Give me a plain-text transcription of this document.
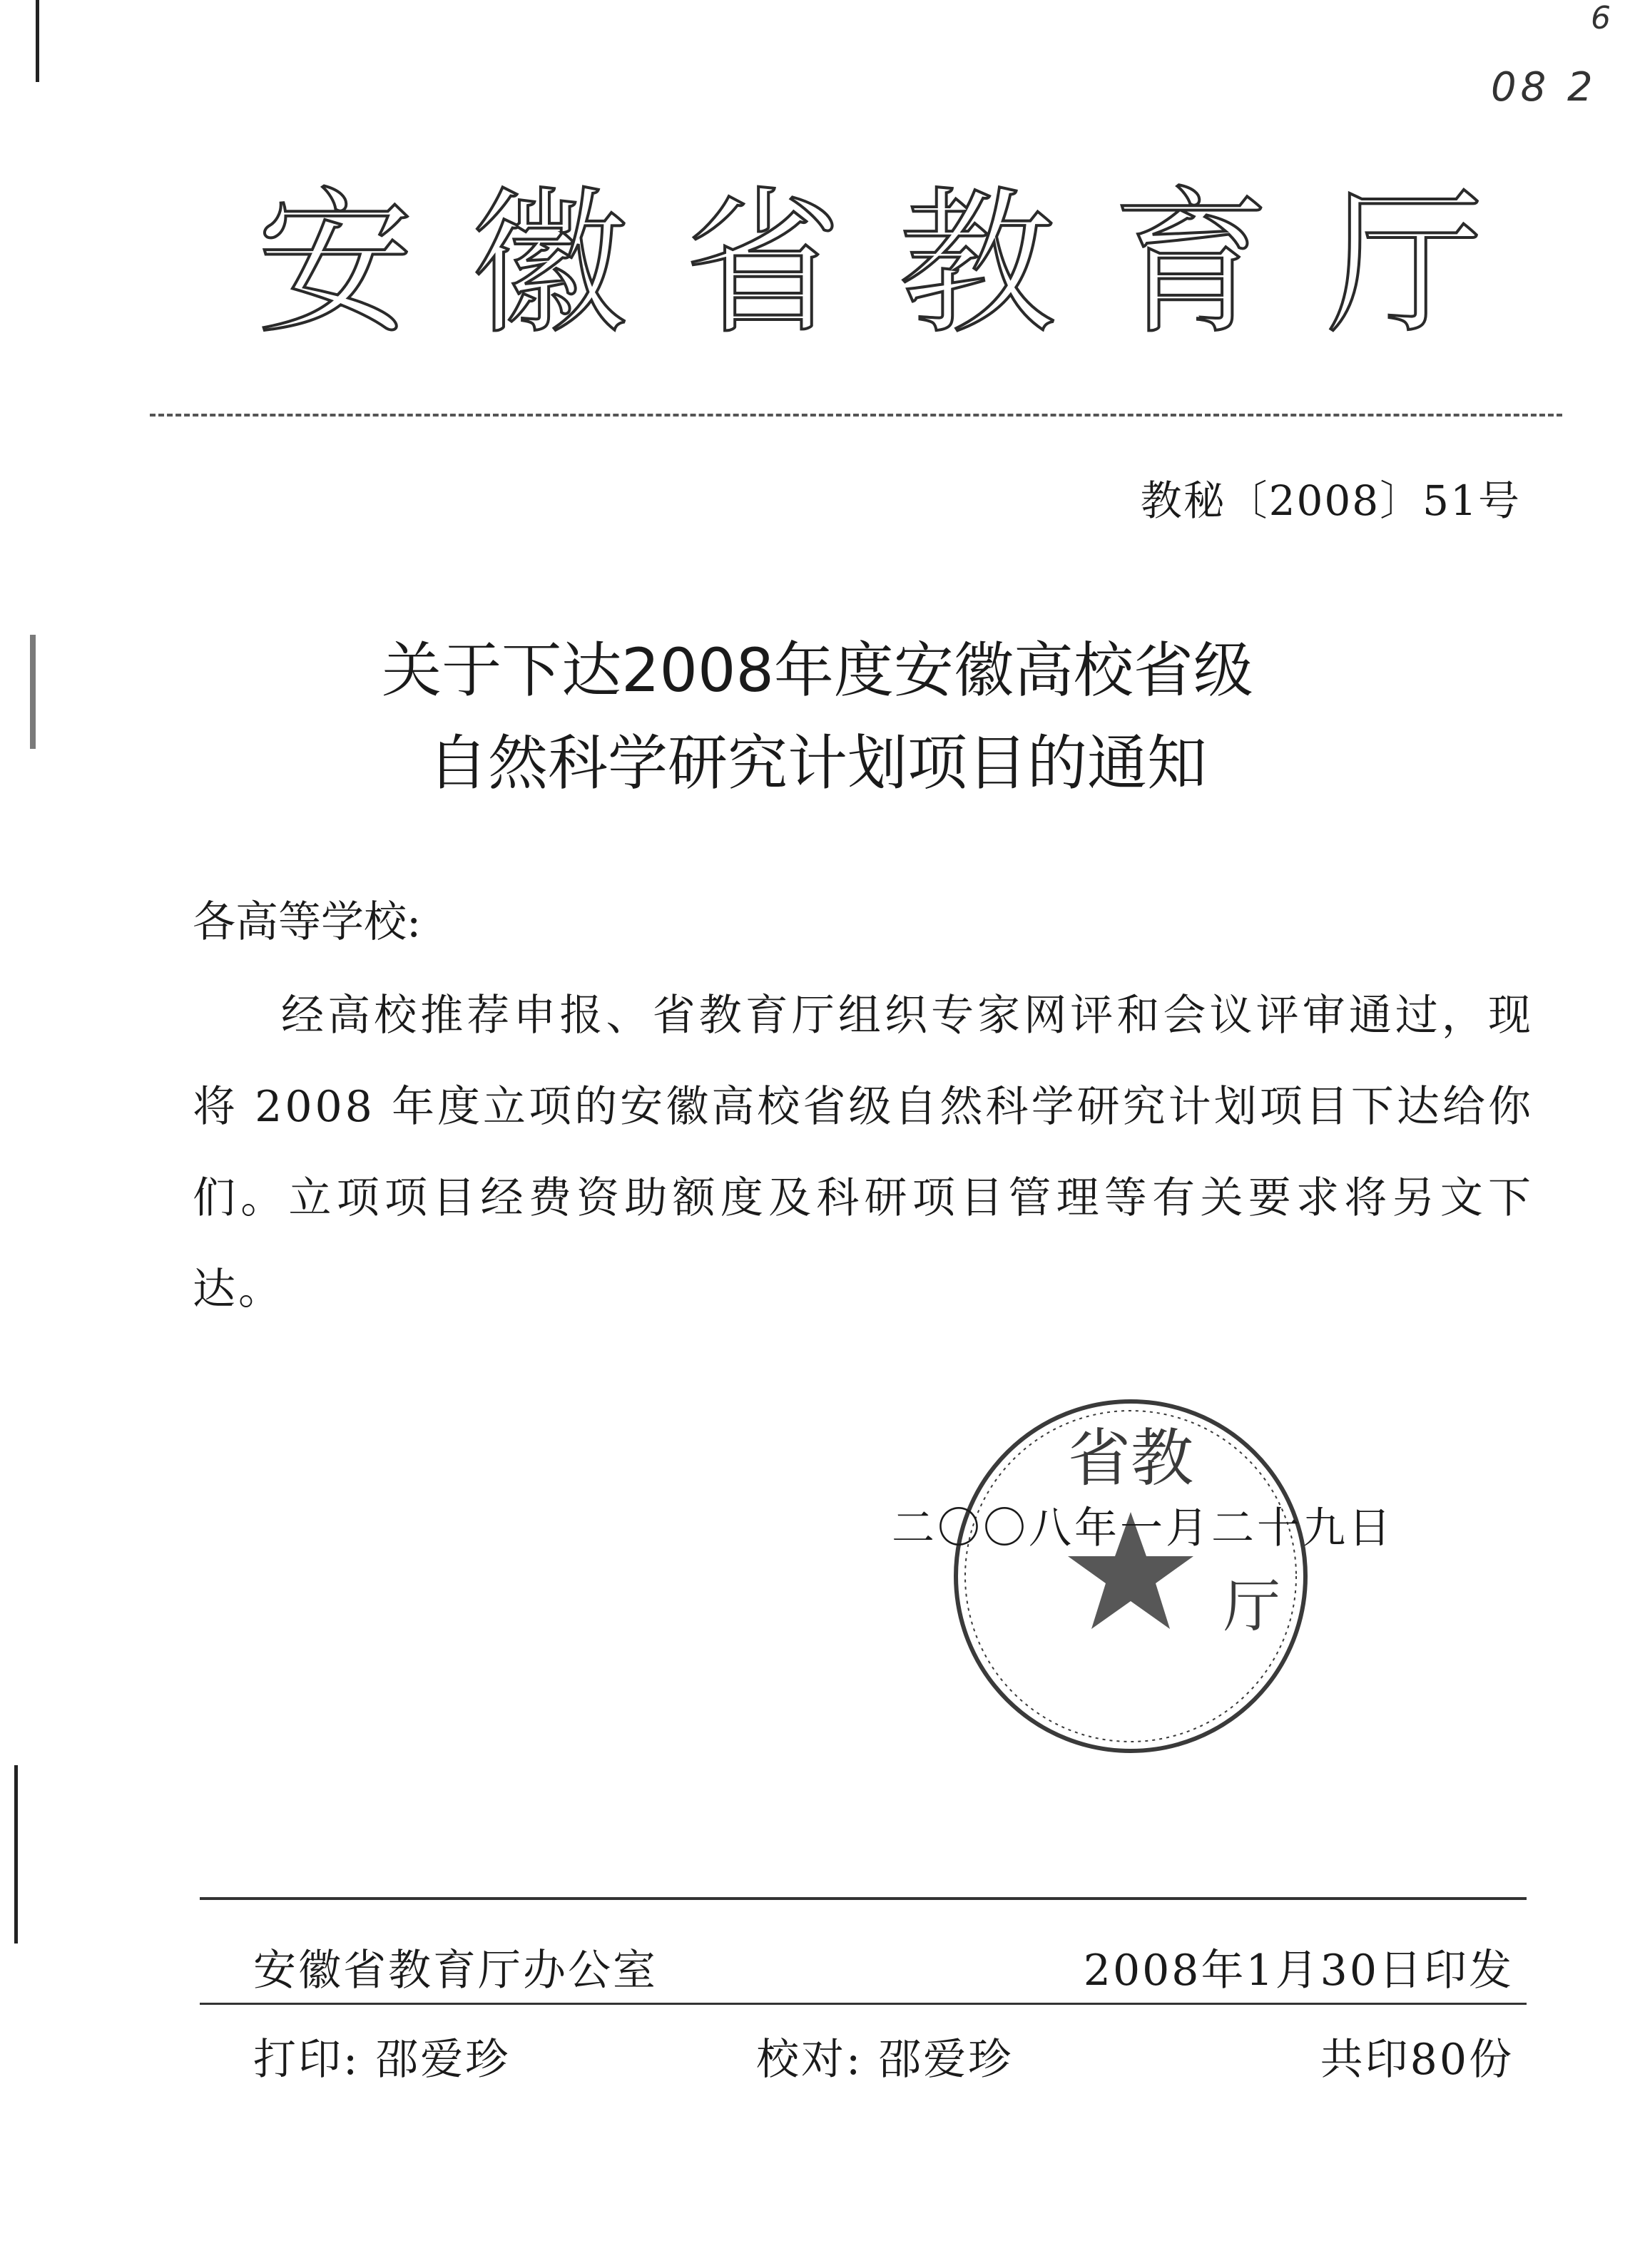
08 2
6
安 徽 省 教 育 厅
教秘〔2008〕51号
关于下达2008年度安徽高校省级
自然科学研究计划项目的通知
各高等学校:
经高校推荐申报、省教育厅组织专家网评和会议评审通过，现将 2008 年度立项的安徽高校省级自然科学研究计划项目下达给你们。立项项目经费资助额度及科研项目管理等有关要求将另文下达。
省教
厅
二〇〇八年一月二十九日
安徽省教育厅办公室	2008年1月30日印发
打印: 邵爱珍	校对: 邵爱珍	共印80份
